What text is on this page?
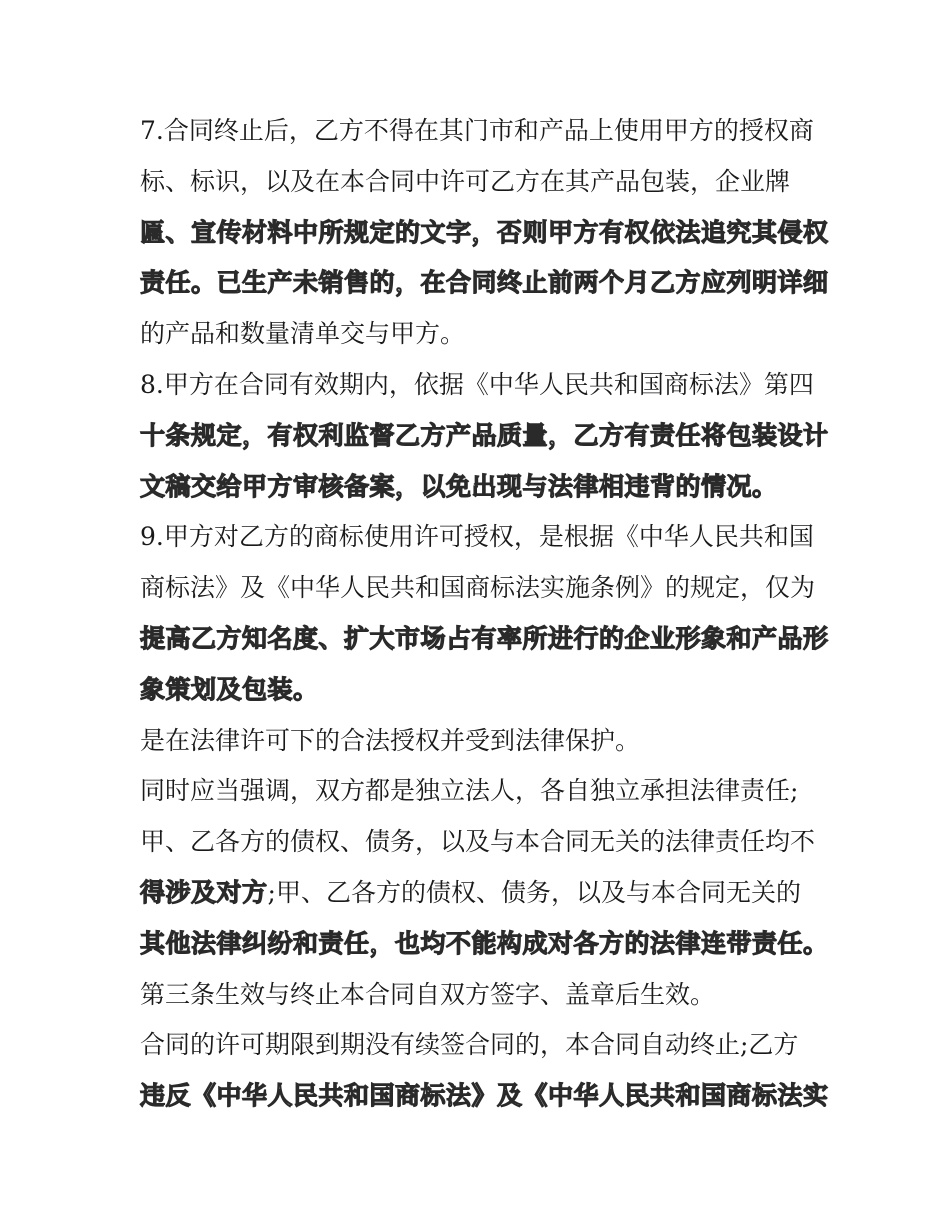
7.合同终止后，乙方不得在其门市和产品上使用甲方的授权商
标、标识，以及在本合同中许可乙方在其产品包装，企业牌
匾、宣传材料中所规定的文字，否则甲方有权依法追究其侵权
责任。已生产未销售的，在合同终止前两个月乙方应列明详细
的产品和数量清单交与甲方。
8.甲方在合同有效期内，依据《中华人民共和国商标法》第四
十条规定，有权利监督乙方产品质量，乙方有责任将包装设计
文稿交给甲方审核备案，以免出现与法律相违背的情况。
9.甲方对乙方的商标使用许可授权，是根据《中华人民共和国
商标法》及《中华人民共和国商标法实施条例》的规定，仅为
提高乙方知名度、扩大市场占有率所进行的企业形象和产品形
象策划及包装。
是在法律许可下的合法授权并受到法律保护。
同时应当强调，双方都是独立法人，各自独立承担法律责任;
甲、乙各方的债权、债务，以及与本合同无关的法律责任均不
得涉及对方;甲、乙各方的债权、债务，以及与本合同无关的
其他法律纠纷和责任，也均不能构成对各方的法律连带责任。
第三条生效与终止本合同自双方签字、盖章后生效。
合同的许可期限到期没有续签合同的，本合同自动终止;乙方
违反《中华人民共和国商标法》及《中华人民共和国商标法实
